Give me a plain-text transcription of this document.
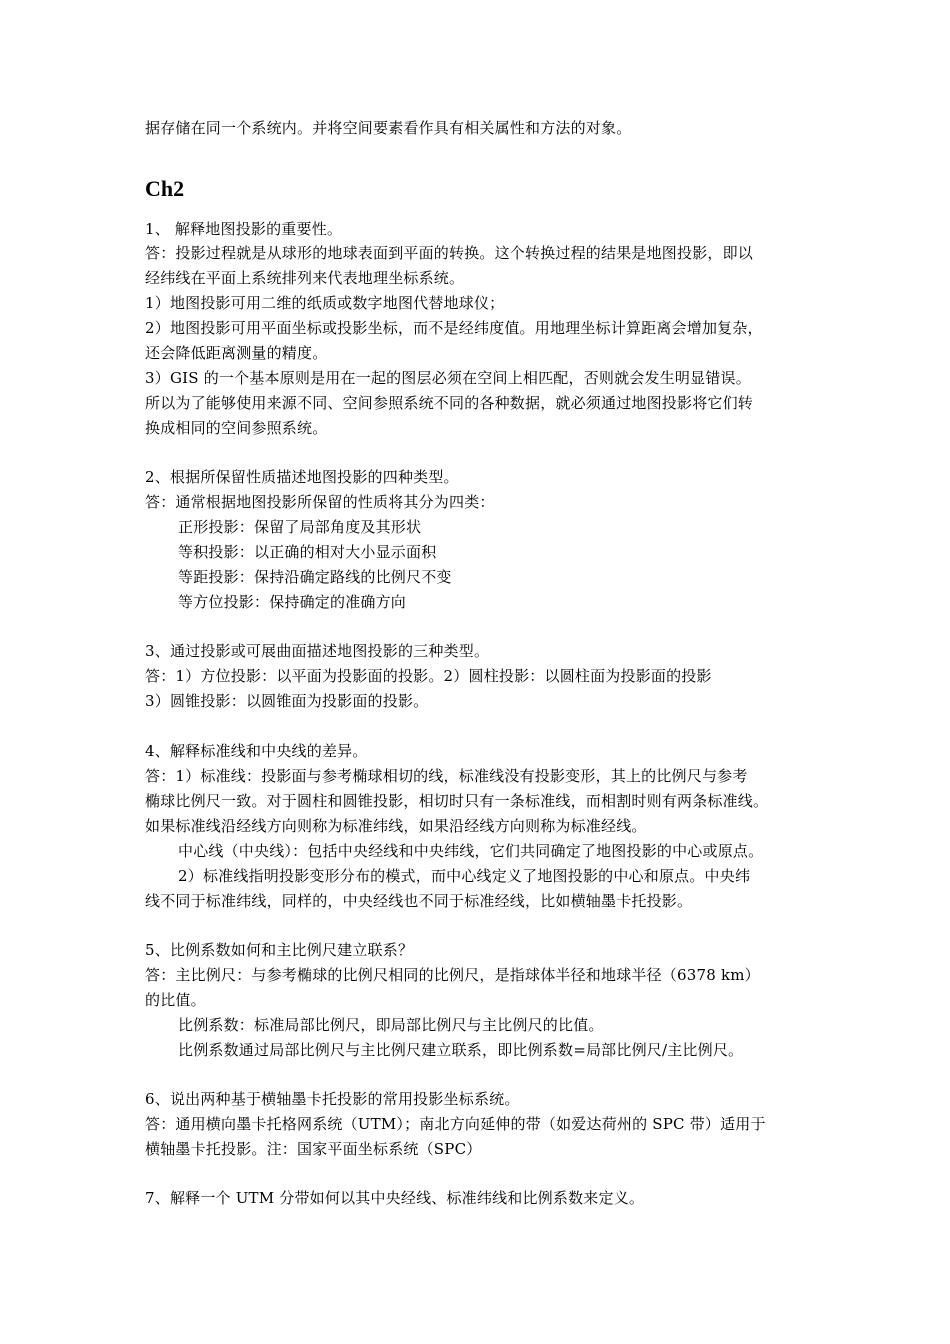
据存储在同一个系统内。并将空间要素看作具有相关属性和方法的对象。
Ch2
1、 解释地图投影的重要性。
答：投影过程就是从球形的地球表面到平面的转换。这个转换过程的结果是地图投影，即以
经纬线在平面上系统排列来代表地理坐标系统。
1）地图投影可用二维的纸质或数字地图代替地球仪；
2）地图投影可用平面坐标或投影坐标，而不是经纬度值。用地理坐标计算距离会增加复杂，
还会降低距离测量的精度。
3）GIS 的一个基本原则是用在一起的图层必须在空间上相匹配，否则就会发生明显错误。
所以为了能够使用来源不同、空间参照系统不同的各种数据，就必须通过地图投影将它们转
换成相同的空间参照系统。
2、根据所保留性质描述地图投影的四种类型。
答：通常根据地图投影所保留的性质将其分为四类：
正形投影：保留了局部角度及其形状
等积投影：以正确的相对大小显示面积
等距投影：保持沿确定路线的比例尺不变
等方位投影：保持确定的准确方向
3、通过投影或可展曲面描述地图投影的三种类型。
答：1）方位投影：以平面为投影面的投影。2）圆柱投影：以圆柱面为投影面的投影
3）圆锥投影：以圆锥面为投影面的投影。
4、解释标准线和中央线的差异。
答：1）标准线：投影面与参考椭球相切的线，标准线没有投影变形，其上的比例尺与参考
椭球比例尺一致。对于圆柱和圆锥投影，相切时只有一条标准线，而相割时则有两条标准线。
如果标准线沿经线方向则称为标准纬线，如果沿经线方向则称为标准经线。
中心线（中央线）：包括中央经线和中央纬线，它们共同确定了地图投影的中心或原点。
2）标准线指明投影变形分布的模式，而中心线定义了地图投影的中心和原点。中央纬
线不同于标准纬线，同样的，中央经线也不同于标准经线，比如横轴墨卡托投影。
5、比例系数如何和主比例尺建立联系？
答：主比例尺：与参考椭球的比例尺相同的比例尺，是指球体半径和地球半径（6378 km）
的比值。
比例系数：标准局部比例尺，即局部比例尺与主比例尺的比值。
比例系数通过局部比例尺与主比例尺建立联系，即比例系数=局部比例尺/主比例尺。
6、说出两种基于横轴墨卡托投影的常用投影坐标系统。
答：通用横向墨卡托格网系统（UTM）；南北方向延伸的带（如爱达荷州的 SPC 带）适用于
横轴墨卡托投影。注：国家平面坐标系统（SPC）
7、解释一个 UTM 分带如何以其中央经线、标准纬线和比例系数来定义。
